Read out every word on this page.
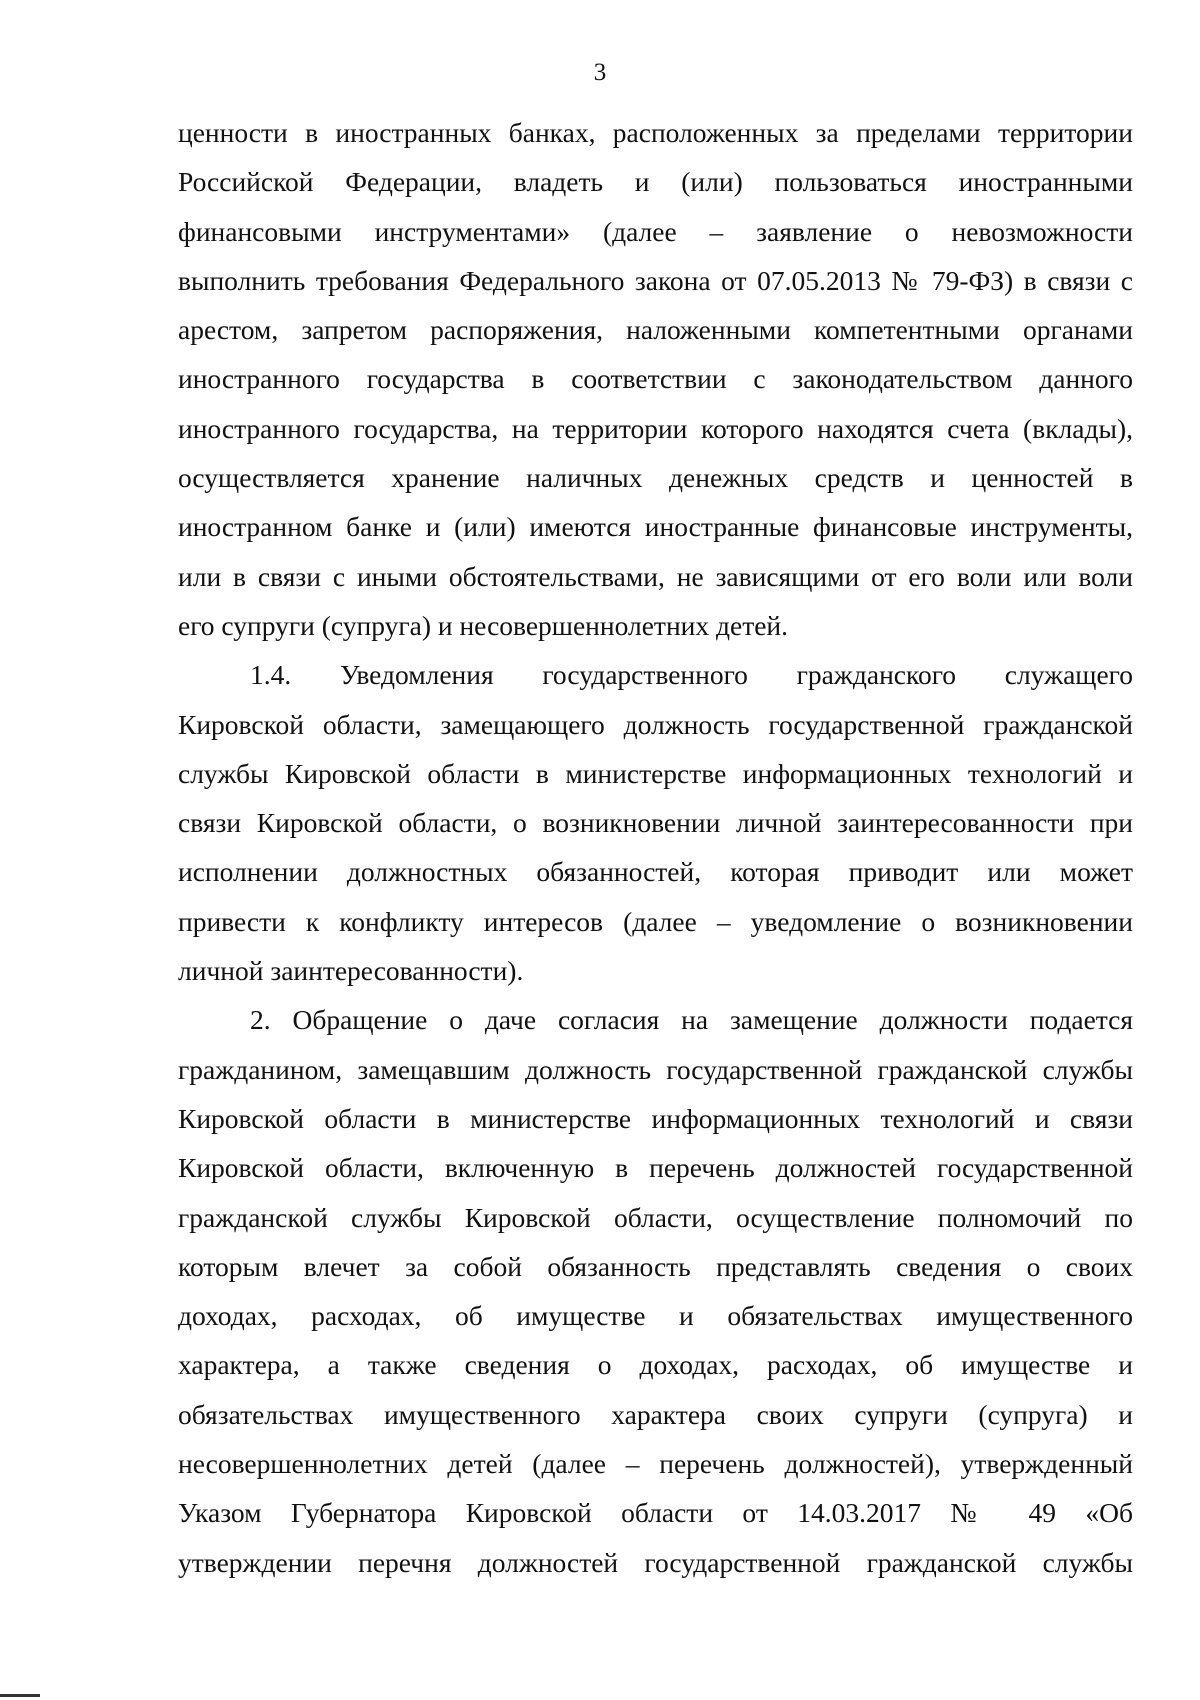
3
ценности в иностранных банках, расположенных за пределами территории
Российской Федерации, владеть и (или) пользоваться иностранными
финансовыми инструментами» (далее – заявление о невозможности
выполнить требования Федерального закона от 07.05.2013 № 79-ФЗ) в связи с
арестом, запретом распоряжения, наложенными компетентными органами
иностранного государства в соответствии с законодательством данного
иностранного государства, на территории которого находятся счета (вклады),
осуществляется хранение наличных денежных средств и ценностей в
иностранном банке и (или) имеются иностранные финансовые инструменты,
или в связи с иными обстоятельствами, не зависящими от его воли или воли
его супруги (супруга) и несовершеннолетних детей.
1.4. Уведомления государственного гражданского служащего
Кировской области, замещающего должность государственной гражданской
службы Кировской области в министерстве информационных технологий и
связи Кировской области, о возникновении личной заинтересованности при
исполнении должностных обязанностей, которая приводит или может
привести к конфликту интересов (далее – уведомление о возникновении
личной заинтересованности).
2. Обращение о даче согласия на замещение должности подается
гражданином, замещавшим должность государственной гражданской службы
Кировской области в министерстве информационных технологий и связи
Кировской области, включенную в перечень должностей государственной
гражданской службы Кировской области, осуществление полномочий по
которым влечет за собой обязанность представлять сведения о своих
доходах, расходах, об имуществе и обязательствах имущественного
характера, а также сведения о доходах, расходах, об имуществе и
обязательствах имущественного характера своих супруги (супруга) и
несовершеннолетних детей (далее – перечень должностей), утвержденный
Указом Губернатора Кировской области от 14.03.2017 № 49 «Об
утверждении перечня должностей государственной гражданской службы
